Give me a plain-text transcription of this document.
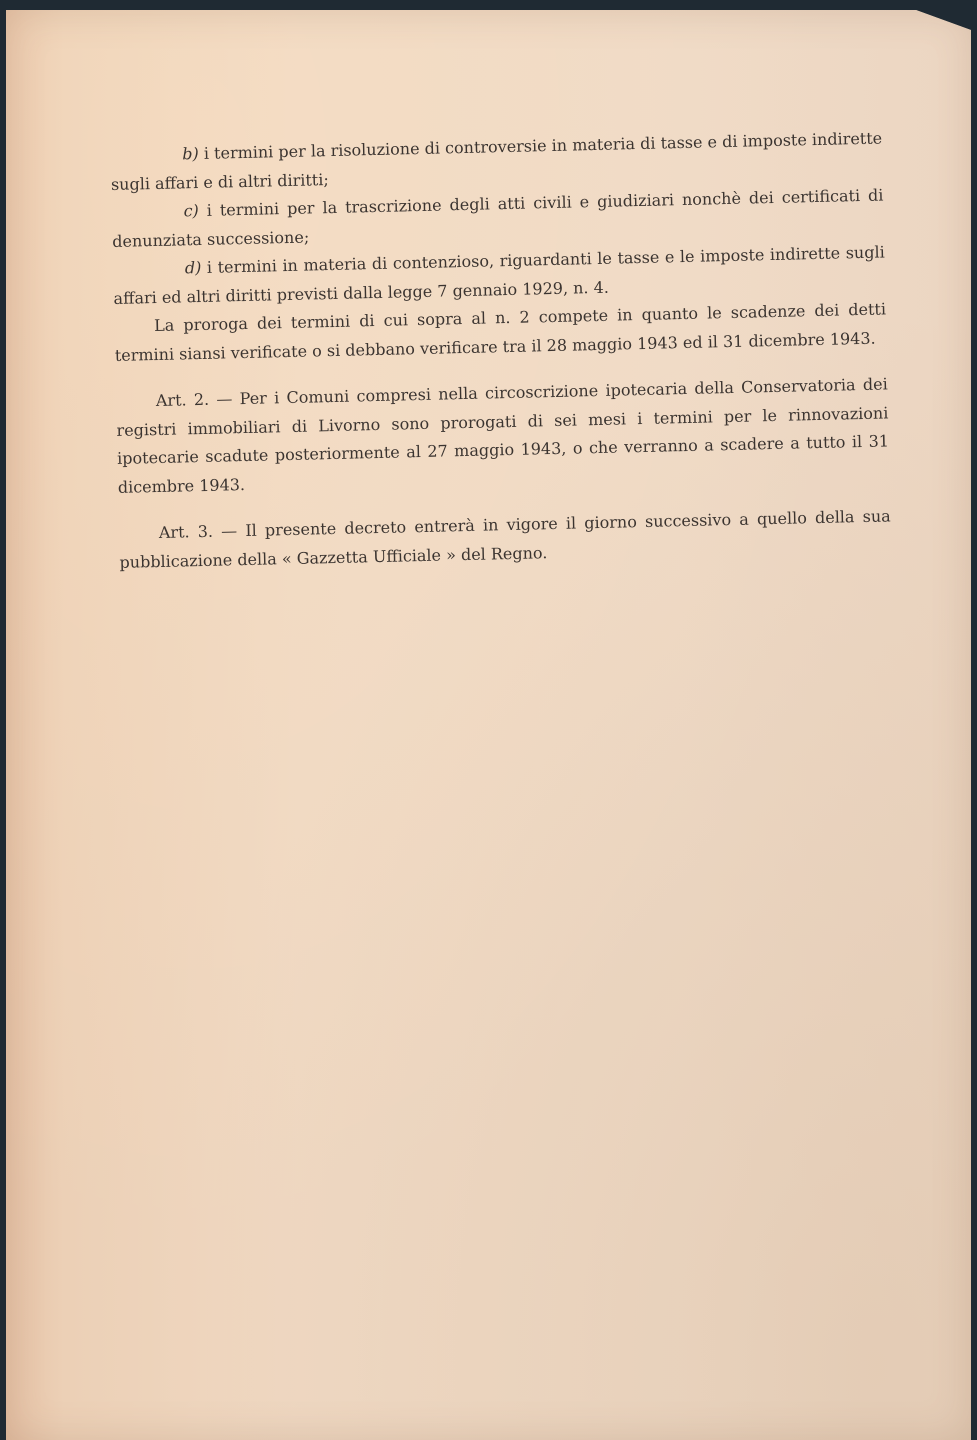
b) i termini per la risoluzione di controversie in materia di tasse e di imposte indirette sugli affari e di altri diritti;

c) i termini per la trascrizione degli atti civili e giudiziari nonchè dei certificati di denunziata successione;

d) i termini in materia di contenzioso, riguardanti le tasse e le imposte indirette sugli affari ed altri diritti previsti dalla legge 7 gennaio 1929, n. 4.

La proroga dei termini di cui sopra al n. 2 compete in quanto le scadenze dei detti termini siansi verificate o si debbano verificare tra il 28 maggio 1943 ed il 31 dicembre 1943.

Art. 2. — Per i Comuni compresi nella circoscrizione ipotecaria della Conservatoria dei registri immobiliari di Livorno sono prorogati di sei mesi i termini per le rinnovazioni ipotecarie scadute posteriormente al 27 maggio 1943, o che verranno a scadere a tutto il 31 dicembre 1943.

Art. 3. — Il presente decreto entrerà in vigore il giorno successivo a quello della sua pubblicazione della « Gazzetta Ufficiale » del Regno.
